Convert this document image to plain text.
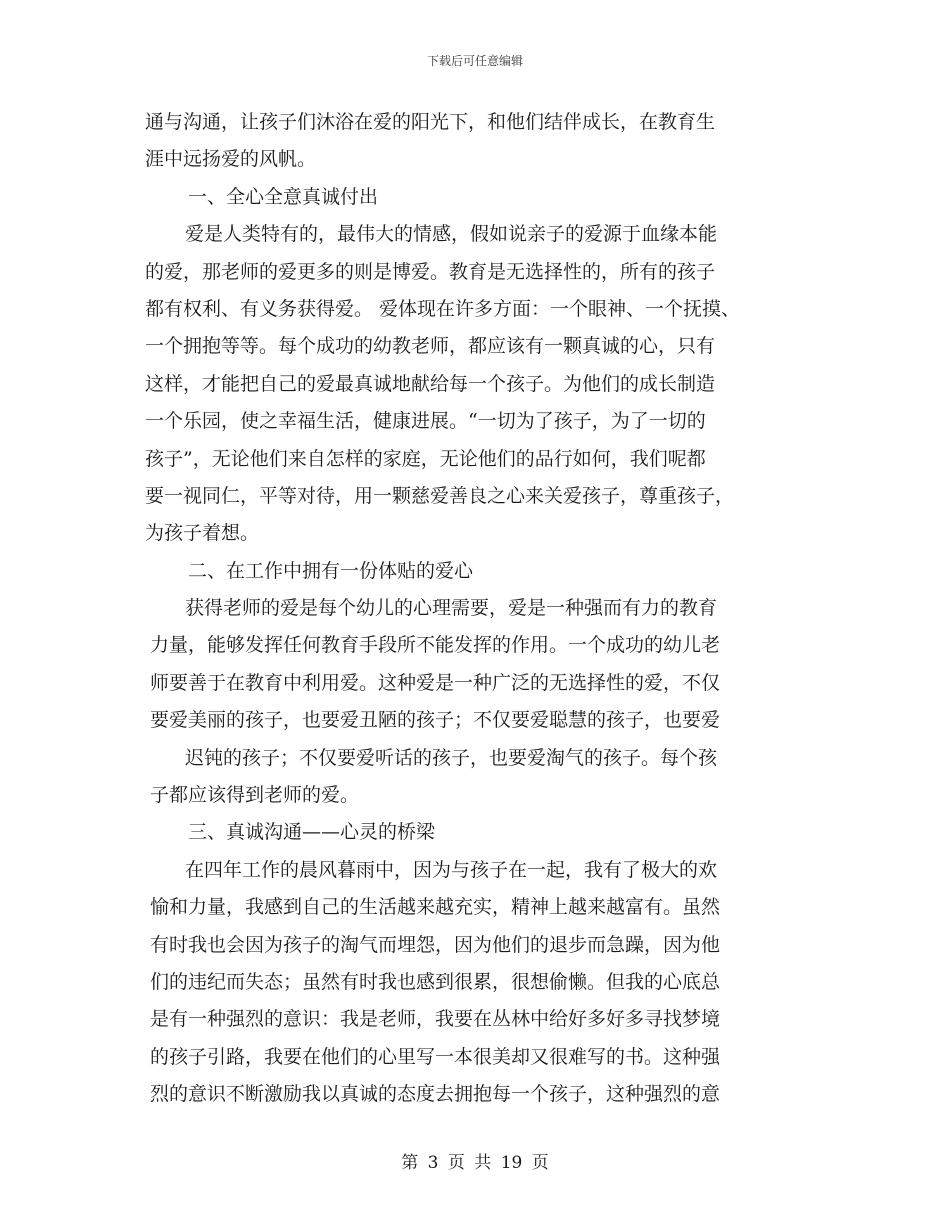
下载后可任意编辑
通与沟通，让孩子们沐浴在爱的阳光下，和他们结伴成长，在教育生
涯中远扬爱的风帆。
一、全心全意真诚付出
爱是人类特有的，最伟大的情感，假如说亲子的爱源于血缘本能
的爱，那老师的爱更多的则是博爱。教育是无选择性的，所有的孩子
都有权利、有义务获得爱。 爱体现在许多方面：一个眼神、一个抚摸、
一个拥抱等等。每个成功的幼教老师，都应该有一颗真诚的心，只有
这样，才能把自己的爱最真诚地献给每一个孩子。为他们的成长制造
一个乐园，使之幸福生活，健康进展。“一切为了孩子，为了一切的
孩子”，无论他们来自怎样的家庭，无论他们的品行如何，我们呢都
要一视同仁，平等对待，用一颗慈爱善良之心来关爱孩子，尊重孩子，
为孩子着想。
二、在工作中拥有一份体贴的爱心
获得老师的爱是每个幼儿的心理需要，爱是一种强而有力的教育
力量，能够发挥任何教育手段所不能发挥的作用。一个成功的幼儿老
师要善于在教育中利用爱。这种爱是一种广泛的无选择性的爱，不仅
要爱美丽的孩子，也要爱丑陋的孩子；不仅要爱聪慧的孩子，也要爱
迟钝的孩子；不仅要爱听话的孩子，也要爱淘气的孩子。每个孩
子都应该得到老师的爱。
三、真诚沟通——心灵的桥梁
在四年工作的晨风暮雨中，因为与孩子在一起，我有了极大的欢
愉和力量，我感到自己的生活越来越充实，精神上越来越富有。虽然
有时我也会因为孩子的淘气而埋怨，因为他们的退步而急躁，因为他
们的违纪而失态；虽然有时我也感到很累，很想偷懒。但我的心底总
是有一种强烈的意识：我是老师，我要在丛林中给好多好多寻找梦境
的孩子引路，我要在他们的心里写一本很美却又很难写的书。这种强
烈的意识不断激励我以真诚的态度去拥抱每一个孩子，这种强烈的意
第 3 页 共 19 页
